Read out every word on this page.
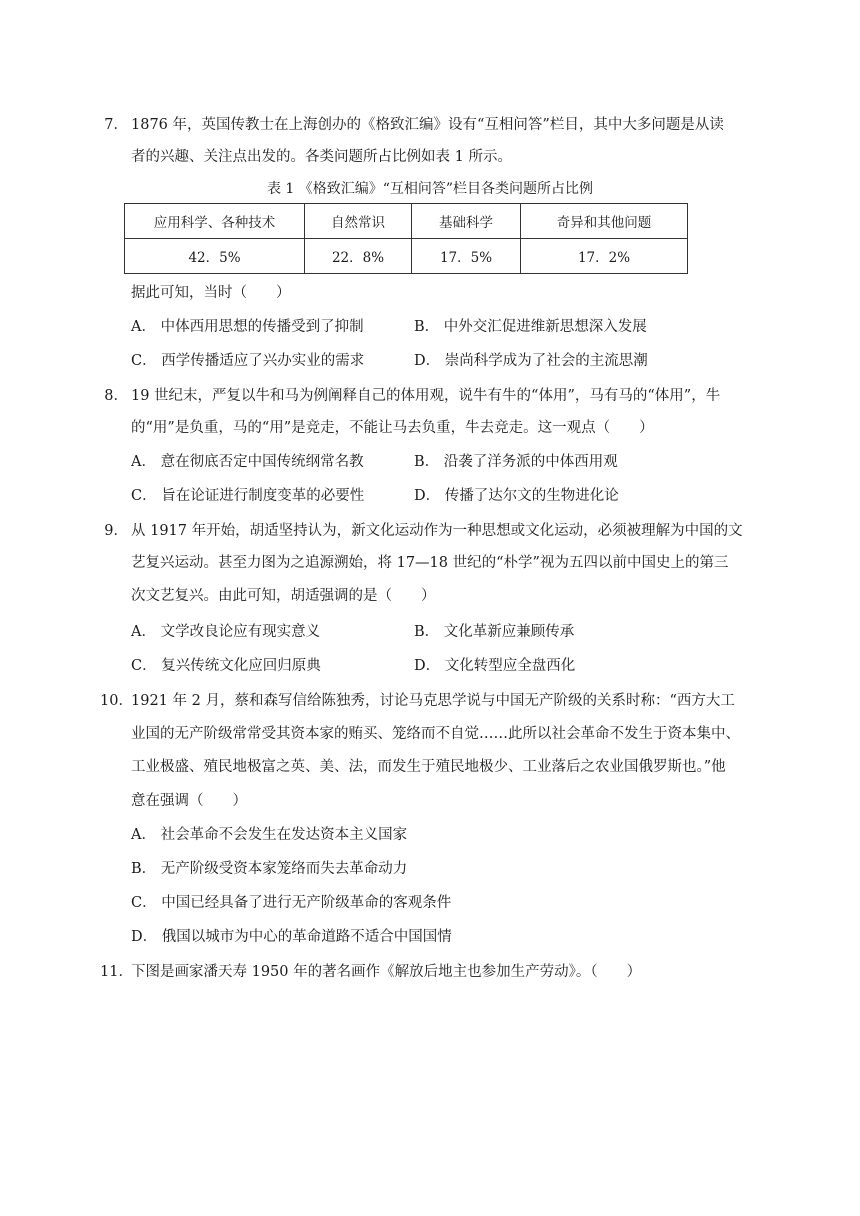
7． 1876 年，英国传教士在上海创办的《格致汇编》设有“互相问答”栏目，其中大多问题是从读
者的兴趣、关注点出发的。各类问题所占比例如表 1 所示。
表 1 《格致汇编》“互相问答”栏目各类问题所占比例
应用科学、各种技术	自然常识	基础科学	奇异和其他问题
42．5%	22．8%	17．5%	17．2%
据此可知，当时（　　）
A． 中体西用思想的传播受到了抑制	B． 中外交汇促进维新思想深入发展
C． 西学传播适应了兴办实业的需求	D． 崇尚科学成为了社会的主流思潮
8． 19 世纪末，严复以牛和马为例阐释自己的体用观，说牛有牛的“体用”，马有马的“体用”，牛
的“用”是负重，马的“用”是竞走，不能让马去负重，牛去竞走。这一观点（　　）
A． 意在彻底否定中国传统纲常名教	B． 沿袭了洋务派的中体西用观
C． 旨在论证进行制度变革的必要性	D． 传播了达尔文的生物进化论
9． 从 1917 年开始，胡适坚持认为，新文化运动作为一种思想或文化运动，必须被理解为中国的文
艺复兴运动。甚至力图为之追源溯始，将 17—18 世纪的“朴学”视为五四以前中国史上的第三
次文艺复兴。由此可知，胡适强调的是（　　）
A． 文学改良论应有现实意义	B． 文化革新应兼顾传承
C． 复兴传统文化应回归原典	D． 文化转型应全盘西化
10．
1921 年 2 月，蔡和森写信给陈独秀，讨论马克思学说与中国无产阶级的关系时称：“西方大工
业国的无产阶级常常受其资本家的贿买、笼络而不自觉……此所以社会革命不发生于资本集中、
工业极盛、殖民地极富之英、美、法，而发生于殖民地极少、工业落后之农业国俄罗斯也。”他
意在强调（　　）
A． 社会革命不会发生在发达资本主义国家
B． 无产阶级受资本家笼络而失去革命动力
C． 中国已经具备了进行无产阶级革命的客观条件
D． 俄国以城市为中心的革命道路不适合中国国情
11．
下图是画家潘天寿 1950 年的著名画作《解放后地主也参加生产劳动》。（　　）
